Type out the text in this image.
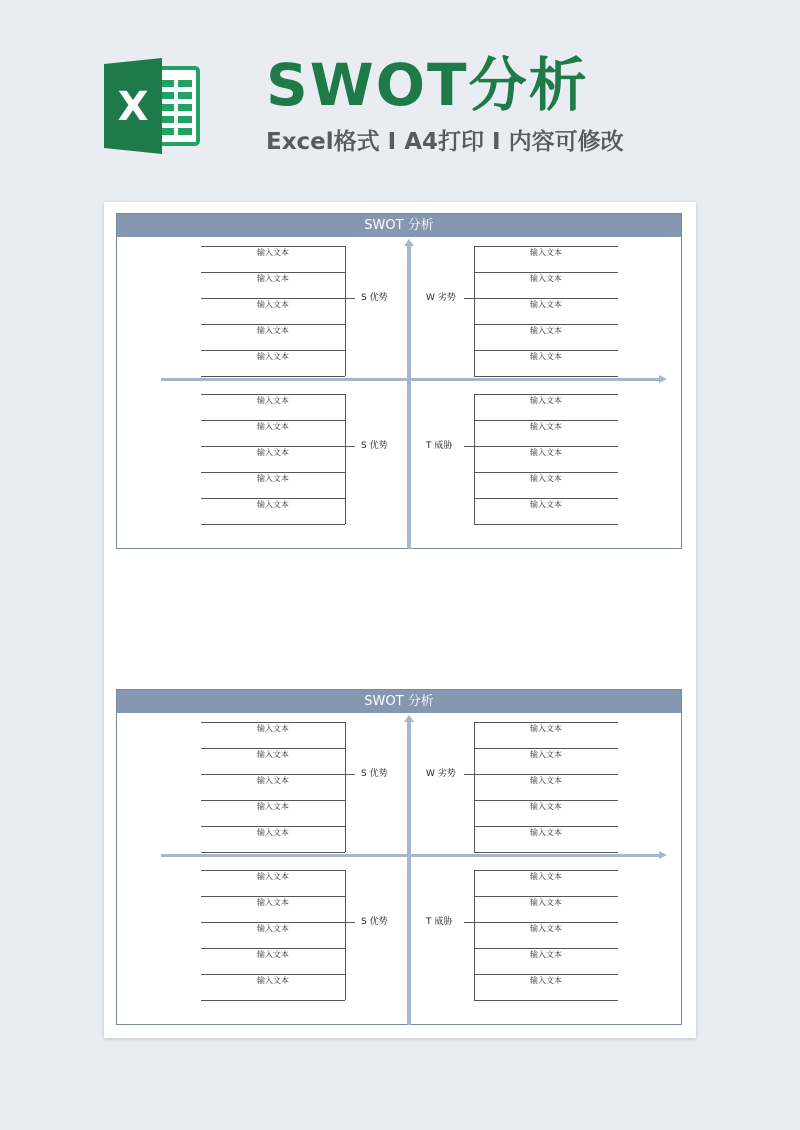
X SWOT分析
Excel格式 I A4打印 I 内容可修改
SWOT 分析
输入文本
输入文本
输入文本
输入文本
输入文本
S 优势
输入文本
输入文本
输入文本
输入文本
输入文本
W 劣势
输入文本
输入文本
输入文本
输入文本
输入文本
S 优势
输入文本
输入文本
输入文本
输入文本
输入文本
T 威胁
SWOT 分析
输入文本
输入文本
输入文本
输入文本
输入文本
S 优势
输入文本
输入文本
输入文本
输入文本
输入文本
W 劣势
输入文本
输入文本
输入文本
输入文本
输入文本
S 优势
输入文本
输入文本
输入文本
输入文本
输入文本
T 威胁
